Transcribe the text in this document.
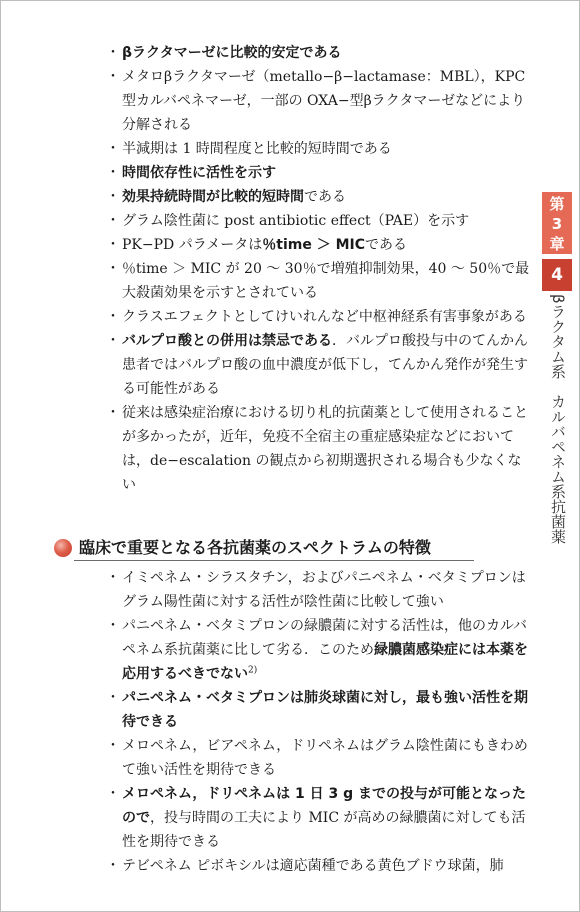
・ βラクタマーゼに比較的安定である
・ メタロβラクタマーゼ（metallo−β−lactamase：MBL），KPC 型カルバペネマーゼ，一部の OXA−型βラクタマーゼなどにより分解される
・ 半減期は 1 時間程度と比較的短時間である
・ 時間依存性に活性を示す
・ 効果持続時間が比較的短時間である
・ グラム陰性菌に post antibiotic effect（PAE）を示す
・ PK−PD パラメータは％time ＞ MICである
・ ％time ＞ MIC が 20 ～ 30％で増殖抑制効果，40 ～ 50％で最大殺菌効果を示すとされている
・ クラスエフェクトとしてけいれんなど中枢神経系有害事象がある
・ バルプロ酸との併用は禁忌である．バルプロ酸投与中のてんかん患者ではバルプロ酸の血中濃度が低下し，てんかん発作が発生する可能性がある
・ 従来は感染症治療における切り札的抗菌薬として使用されることが多かったが，近年，免疫不全宿主の重症感染症などにおいては，de−escalation の観点から初期選択される場合も少なくない
臨床で重要となる各抗菌薬のスペクトラムの特徴
・ イミペネム・シラスタチン，およびパニペネム・ベタミプロンはグラム陽性菌に対する活性が陰性菌に比較して強い
・ パニペネム・ベタミプロンの緑膿菌に対する活性は，他のカルバペネム系抗菌薬に比して劣る．このため緑膿菌感染症には本薬を応用するべきでない$^{2)}$
・ パニペネム・ベタミプロンは肺炎球菌に対し，最も強い活性を期待できる
・ メロペネム，ビアペネム，ドリペネムはグラム陰性菌にもきわめて強い活性を期待できる
・ メロペネム，ドリペネムは 1 日 3 g までの投与が可能となったので，投与時間の工夫により MIC が高めの緑膿菌に対しても活性を期待できる
・ テビペネム ピボキシルは適応菌種である黄色ブドウ球菌，肺
第
3
章
4
βラクタム系　カルバペネム系抗菌薬
